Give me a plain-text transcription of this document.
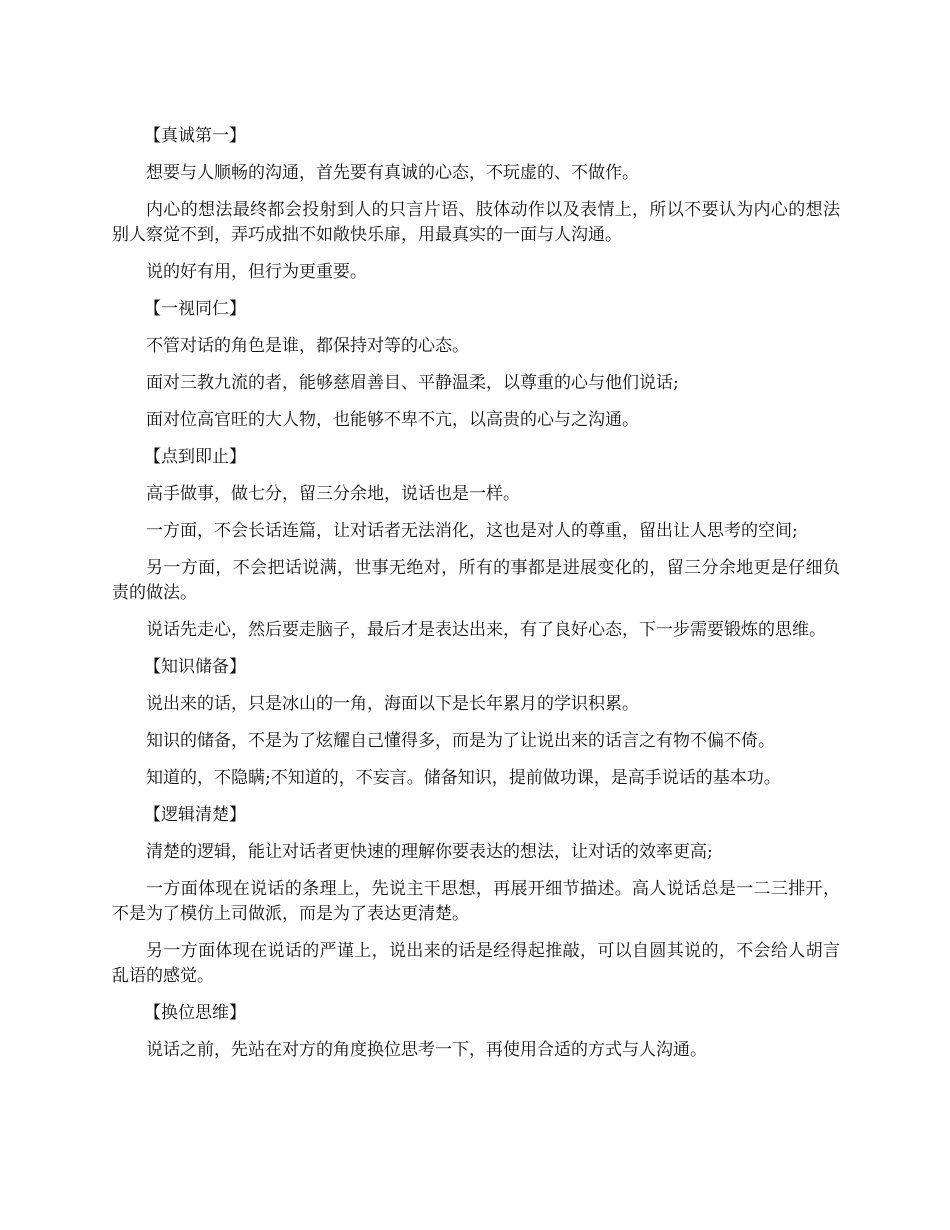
【真诚第一】

想要与人顺畅的沟通，首先要有真诚的心态，不玩虚的、不做作。

内心的想法最终都会投射到人的只言片语、肢体动作以及表情上，所以不要认为内心的想法别人察觉不到，弄巧成拙不如敞快乐扉，用最真实的一面与人沟通。

说的好有用，但行为更重要。

【一视同仁】

不管对话的角色是谁，都保持对等的心态。

面对三教九流的者，能够慈眉善目、平静温柔，以尊重的心与他们说话;

面对位高官旺的大人物，也能够不卑不亢，以高贵的心与之沟通。

【点到即止】

高手做事，做七分，留三分余地，说话也是一样。

一方面，不会长话连篇，让对话者无法消化，这也是对人的尊重，留出让人思考的空间;

另一方面，不会把话说满，世事无绝对，所有的事都是进展变化的，留三分余地更是仔细负责的做法。

说话先走心，然后要走脑子，最后才是表达出来，有了良好心态，下一步需要锻炼的思维。

【知识储备】

说出来的话，只是冰山的一角，海面以下是长年累月的学识积累。

知识的储备，不是为了炫耀自己懂得多，而是为了让说出来的话言之有物不偏不倚。

知道的，不隐瞒;不知道的，不妄言。储备知识，提前做功课，是高手说话的基本功。

【逻辑清楚】

清楚的逻辑，能让对话者更快速的理解你要表达的想法，让对话的效率更高;

一方面体现在说话的条理上，先说主干思想，再展开细节描述。高人说话总是一二三排开，不是为了模仿上司做派，而是为了表达更清楚。

另一方面体现在说话的严谨上，说出来的话是经得起推敲，可以自圆其说的，不会给人胡言乱语的感觉。

【换位思维】

说话之前，先站在对方的角度换位思考一下，再使用合适的方式与人沟通。
